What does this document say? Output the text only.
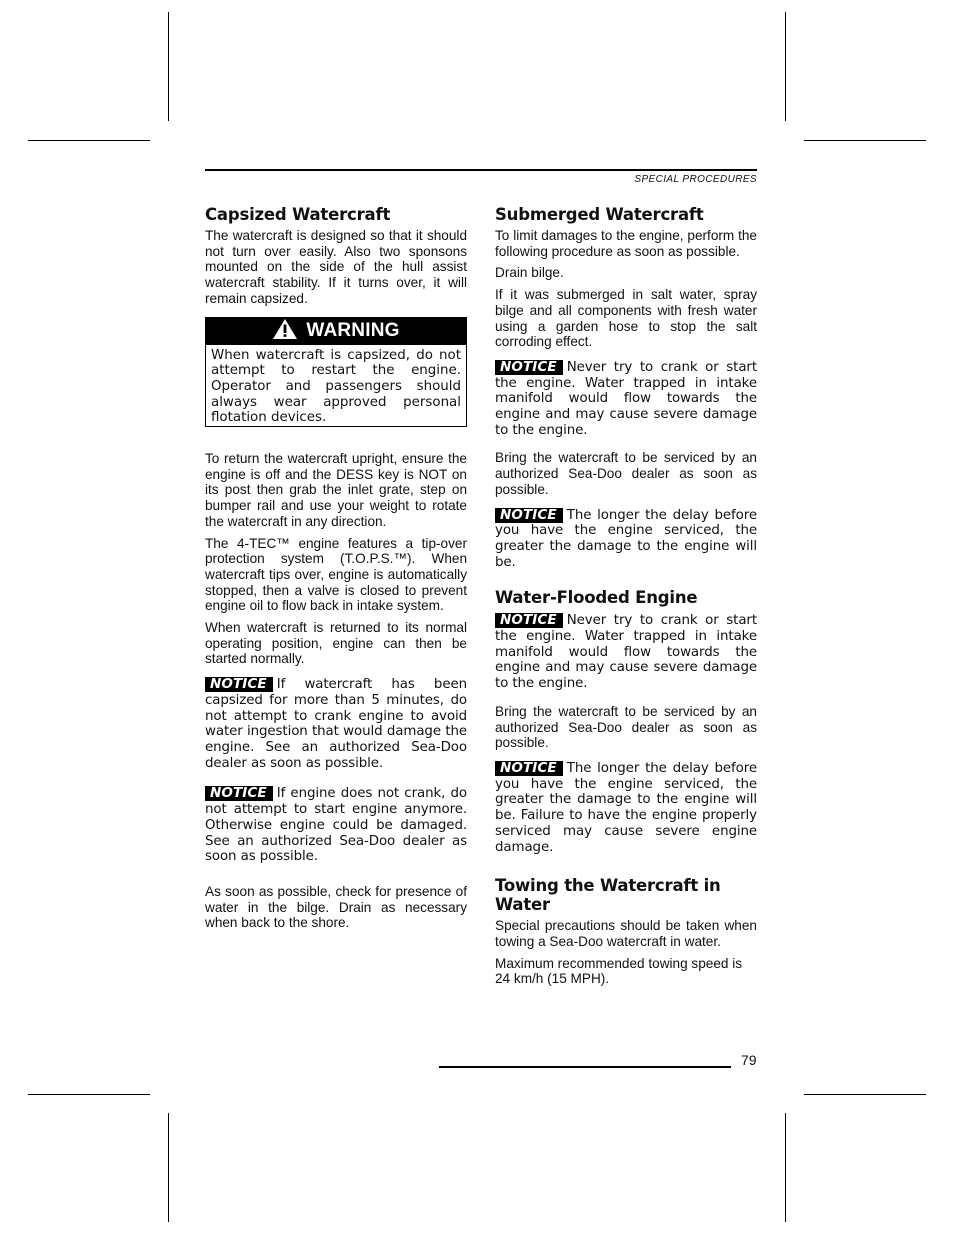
SPECIAL PROCEDURES
Capsized Watercraft

The watercraft is designed so that it should not turn over easily. Also two sponsons mounted on the side of the hull assist watercraft stability. If it turns over, it will remain capsized.

WARNING

When watercraft is capsized, do not attempt to restart the engine. Operator and passengers should always wear approved personal flotation devices.

To return the watercraft upright, ensure the engine is off and the DESS key is NOT on its post then grab the inlet grate, step on bumper rail and use your weight to rotate the watercraft in any direction.

The 4-TEC™ engine features a tip-over protection system (T.O.P.S.™). When watercraft tips over, engine is automatically stopped, then a valve is closed to prevent engine oil to flow back in intake system.

When watercraft is returned to its normal operating position, engine can then be started normally.

NOTICE If watercraft has been capsized for more than 5 minutes, do not attempt to crank engine to avoid water ingestion that would damage the engine. See an authorized Sea-Doo dealer as soon as possible.

NOTICE If engine does not crank, do not attempt to start engine anymore. Otherwise engine could be damaged. See an authorized Sea-Doo dealer as soon as possible.

As soon as possible, check for presence of water in the bilge. Drain as necessary when back to the shore.

Submerged Watercraft

To limit damages to the engine, perform the following procedure as soon as possible.

Drain bilge.

If it was submerged in salt water, spray bilge and all components with fresh water using a garden hose to stop the salt corroding effect.

NOTICE Never try to crank or start the engine. Water trapped in intake manifold would flow towards the engine and may cause severe damage to the engine.

Bring the watercraft to be serviced by an authorized Sea-Doo dealer as soon as possible.

NOTICE The longer the delay before you have the engine serviced, the greater the damage to the engine will be.

Water-Flooded Engine

NOTICE Never try to crank or start the engine. Water trapped in intake manifold would flow towards the engine and may cause severe damage to the engine.

Bring the watercraft to be serviced by an authorized Sea-Doo dealer as soon as possible.

NOTICE The longer the delay before you have the engine serviced, the greater the damage to the engine will be. Failure to have the engine properly serviced may cause severe engine damage.

Towing the Watercraft in Water

Special precautions should be taken when towing a Sea-Doo watercraft in water.

Maximum recommended towing speed is 24 km/h (15 MPH).

79
